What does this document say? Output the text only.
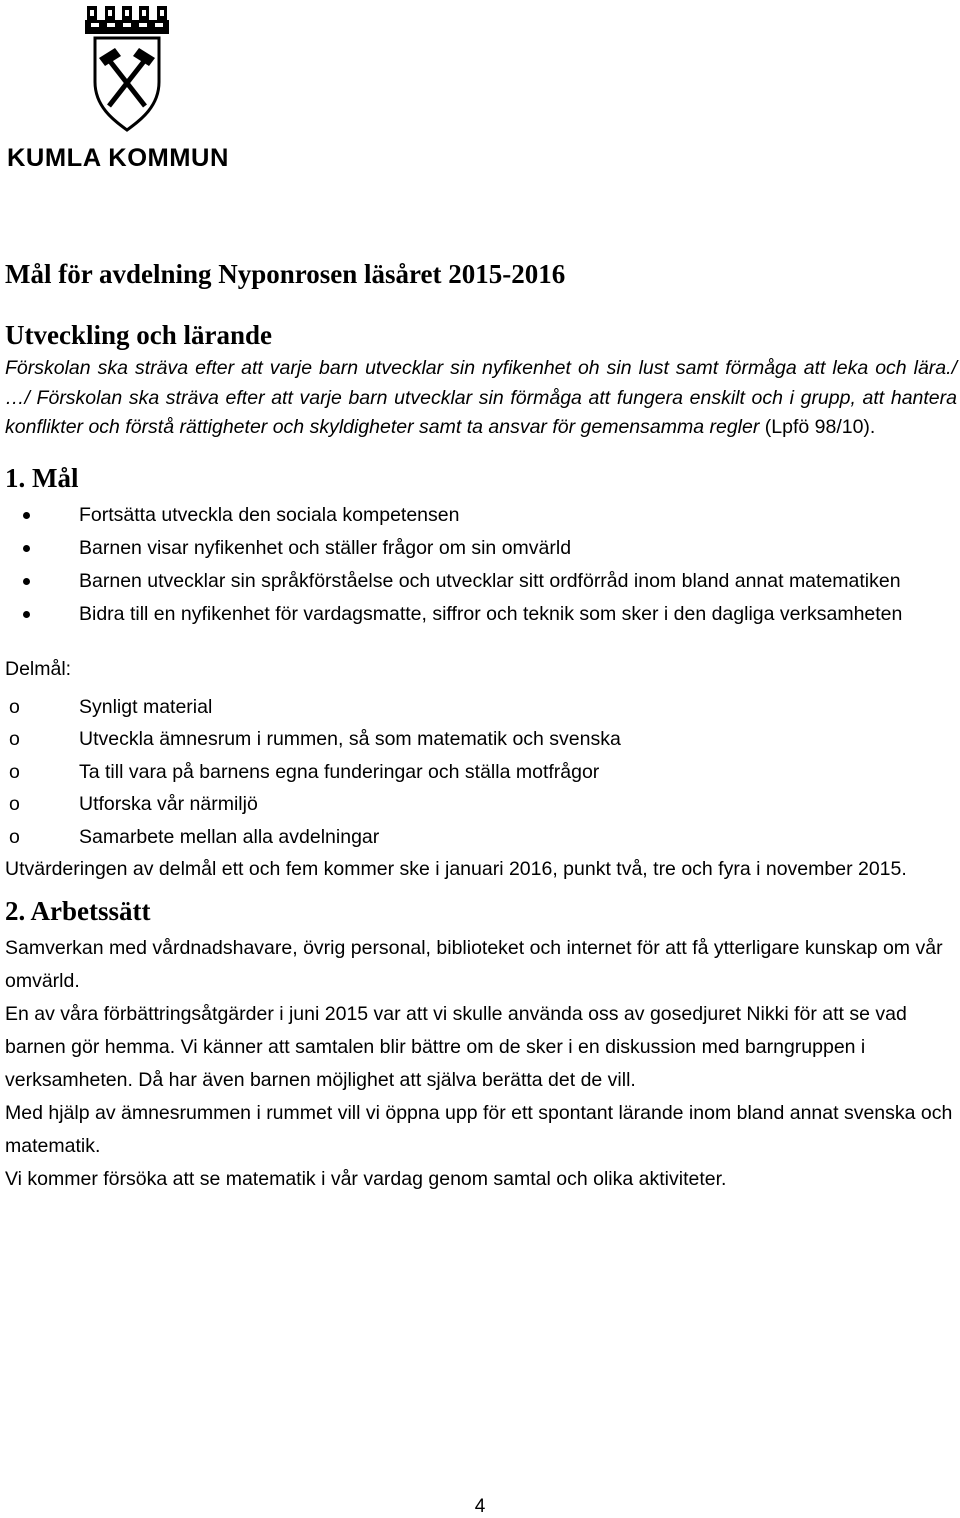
KUMLA KOMMUN
Mål för avdelning Nyponrosen läsåret 2015-2016
Utveckling och lärande

Förskolan ska sträva efter att varje barn utvecklar sin nyfikenhet oh sin lust samt förmåga att leka och lära./ …/ Förskolan ska sträva efter att varje barn utvecklar sin förmåga att fungera enskilt och i grupp, att hantera konflikter och förstå rättigheter och skyldigheter samt ta ansvar för gemensamma regler (Lpfö 98/10).

1. Mål
Fortsätta utveckla den sociala kompetensen
Barnen visar nyfikenhet och ställer frågor om sin omvärld
Barnen utvecklar sin språkförståelse och utvecklar sitt ordförråd inom bland annat matematiken
Bidra till en nyfikenhet för vardagsmatte, siffror och teknik som sker i den dagliga verksamheten
Delmål:
o	Synligt material
o	Utveckla ämnesrum i rummen, så som matematik och svenska
o	Ta till vara på barnens egna funderingar och ställa motfrågor
o	Utforska vår närmiljö
o	Samarbete mellan alla avdelningar

Utvärderingen av delmål ett och fem kommer ske i januari 2016, punkt två, tre och fyra i november 2015.

2. Arbetssätt

Samverkan med vårdnadshavare, övrig personal, biblioteket och internet för att få ytterligare kunskap om vår omvärld.

En av våra förbättringsåtgärder i juni 2015 var att vi skulle använda oss av gosedjuret Nikki för att se vad barnen gör hemma. Vi känner att samtalen blir bättre om de sker i en diskussion med barngruppen i verksamheten. Då har även barnen möjlighet att själva berätta det de vill.

Med hjälp av ämnesrummen i rummet vill vi öppna upp för ett spontant lärande inom bland annat svenska och matematik.

Vi kommer försöka att se matematik i vår vardag genom samtal och olika aktiviteter.

4
